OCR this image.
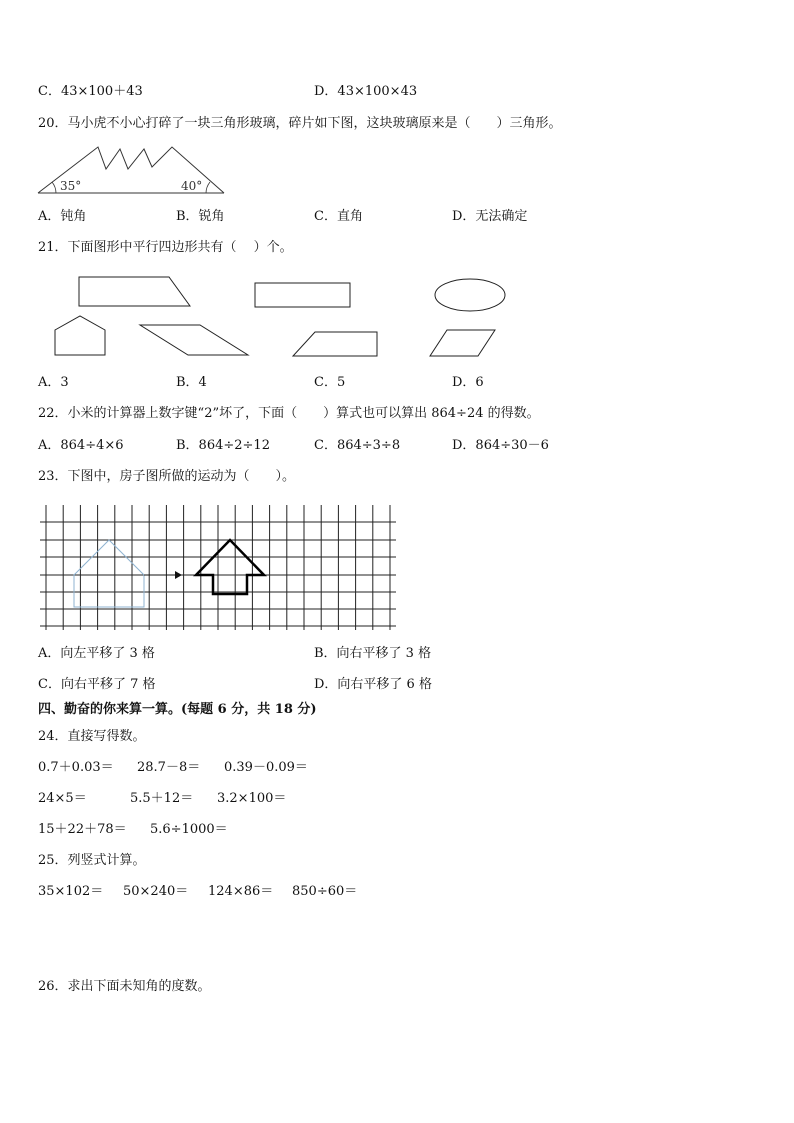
C．43×100＋43	D．43×100×43
20．马小虎不小心打碎了一块三角形玻璃，碎片如下图，这块玻璃原来是（　　）三角形。
35°	40°
A．钝角	B．锐角	C．直角	D．无法确定
21．下面图形中平行四边形共有（　 ）个。
A．3	B．4	C．5	D．6
22．小米的计算器上数字键“2”坏了，下面（　　）算式也可以算出 864÷24 的得数。
A．864÷4×6	B．864÷2÷12	C．864÷3÷8	D．864÷30－6
23．下图中，房子图所做的运动为（　　）。
A．向左平移了 3 格	B．向右平移了 3 格
C．向右平移了 7 格	D．向右平移了 6 格
四、勤奋的你来算一算。(每题 6 分，共 18 分)
24．直接写得数。
0.7＋0.03＝ 28.7－8＝ 0.39－0.09＝
24×5＝	5.5＋12＝ 3.2×100＝
15＋22＋78＝ 5.6÷1000＝
25．列竖式计算。
35×102＝ 50×240＝ 124×86＝ 850÷60＝
26．求出下面未知角的度数。
